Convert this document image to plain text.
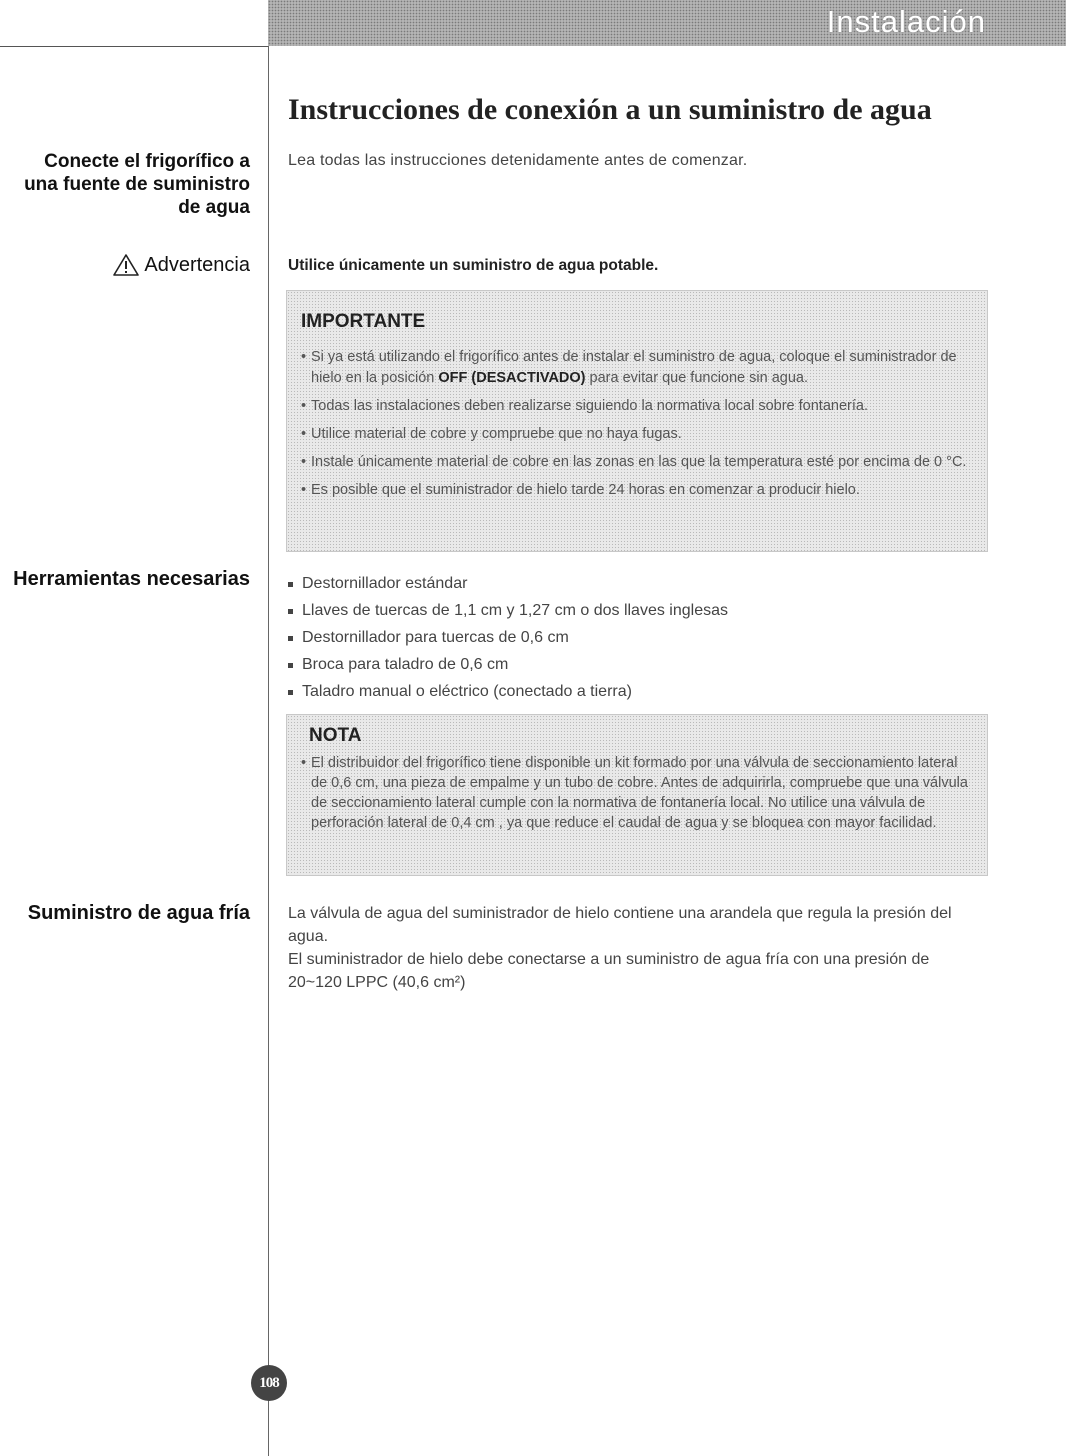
Instalación
Conecte el frigorífico a una fuente de suministro de agua
Advertencia
Herramientas necesarias
Suministro de agua fría
Instrucciones de conexión a un suministro de agua

Lea todas las instrucciones detenidamente antes de comenzar.

Utilice únicamente un suministro de agua potable.

IMPORTANTE
• Si ya está utilizando el frigorífico antes de instalar el suministro de agua, coloque el suministrador de hielo en la posición OFF (DESACTIVADO) para evitar que funcione sin agua.
• Todas las instalaciones deben realizarse siguiendo la normativa local sobre fontanería.
• Utilice material de cobre y compruebe que no haya fugas.
• Instale únicamente material de cobre en las zonas en las que la temperatura esté por encima de 0 °C.
• Es posible que el suministrador de hielo tarde 24 horas en comenzar a producir hielo.
Destornillador estándar
Llaves de tuercas de 1,1 cm y 1,27 cm o dos llaves inglesas
Destornillador para tuercas de 0,6 cm
Broca para taladro de 0,6 cm
Taladro manual o eléctrico (conectado a tierra)
NOTA
• El distribuidor del frigorífico tiene disponible un kit formado por una válvula de seccionamiento lateral de 0,6 cm, una pieza de empalme y un tubo de cobre. Antes de adquirirla, compruebe que una válvula de seccionamiento lateral cumple con la normativa de fontanería local. No utilice una válvula de perforación lateral de 0,4 cm , ya que reduce el caudal de agua y se bloquea con mayor facilidad.

La válvula de agua del suministrador de hielo contiene una arandela que regula la presión del agua.

El suministrador de hielo debe conectarse a un suministro de agua fría con una presión de 20~120 LPPC (40,6 cm²)

108
